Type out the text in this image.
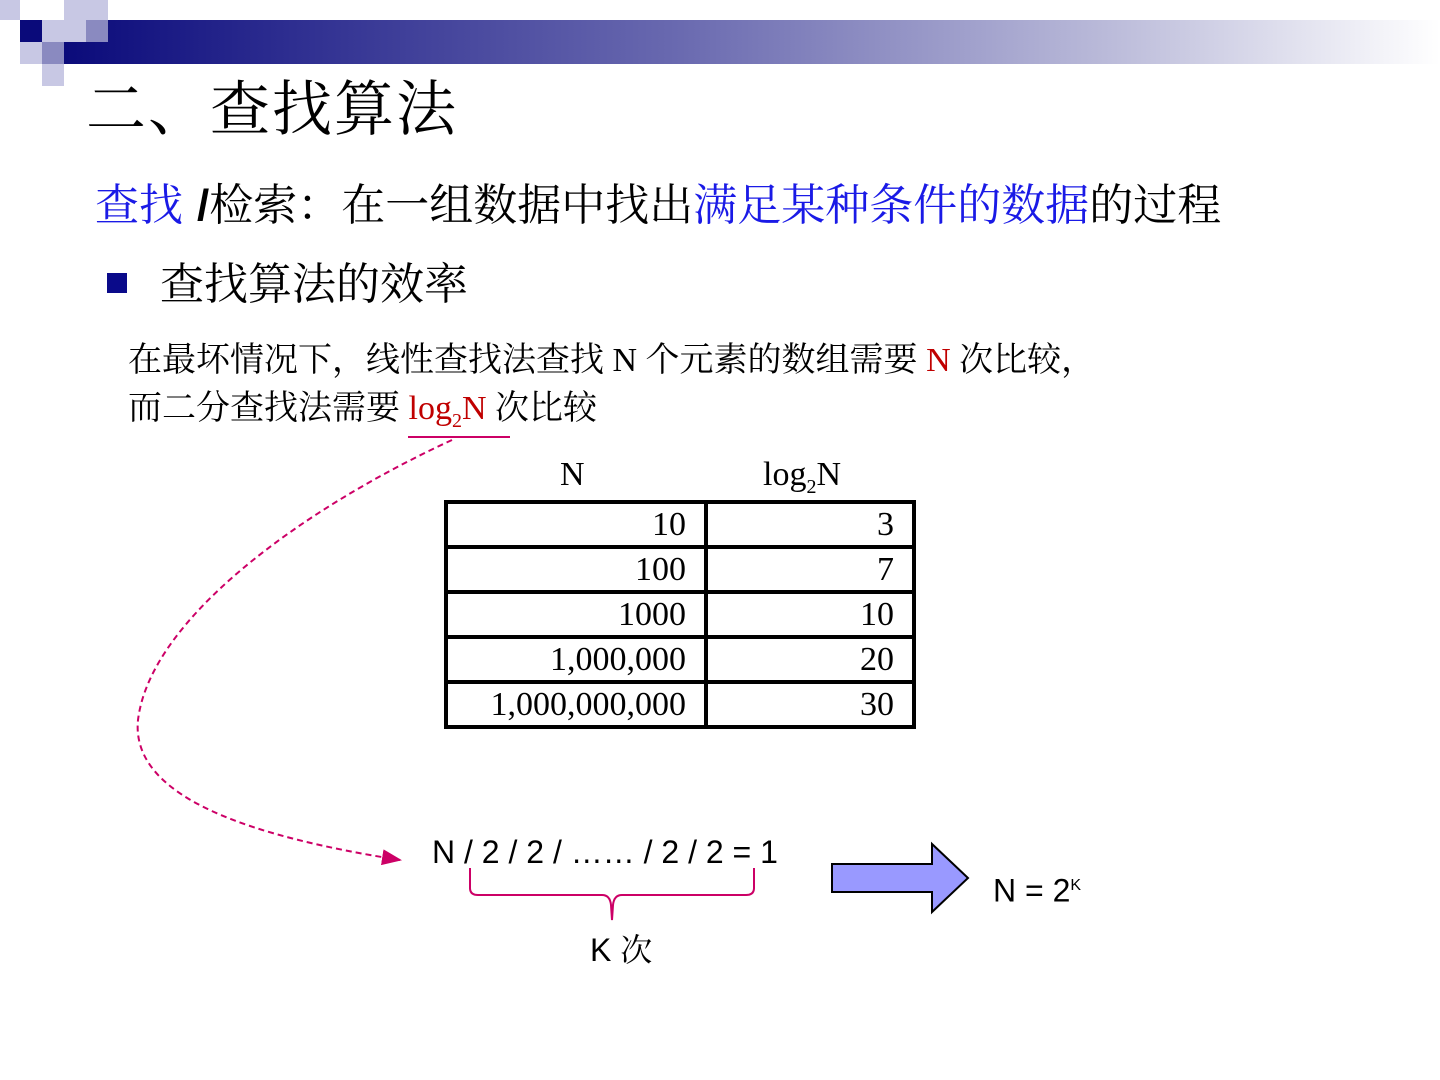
二、查找算法
查找 /检索：在一组数据中找出满足某种条件的数据的过程
查找算法的效率
在最坏情况下，线性查找法查找 N 个元素的数组需要 N 次比较，
而二分查找法需要 $\log_2N$ 次比较
N	$\log_2N$
10	3
100	7
1000	10
1,000,000	20
1,000,000,000	30
N / 2 / 2 / …… / 2 / 2 = 1
K 次
$N = 2^K$
